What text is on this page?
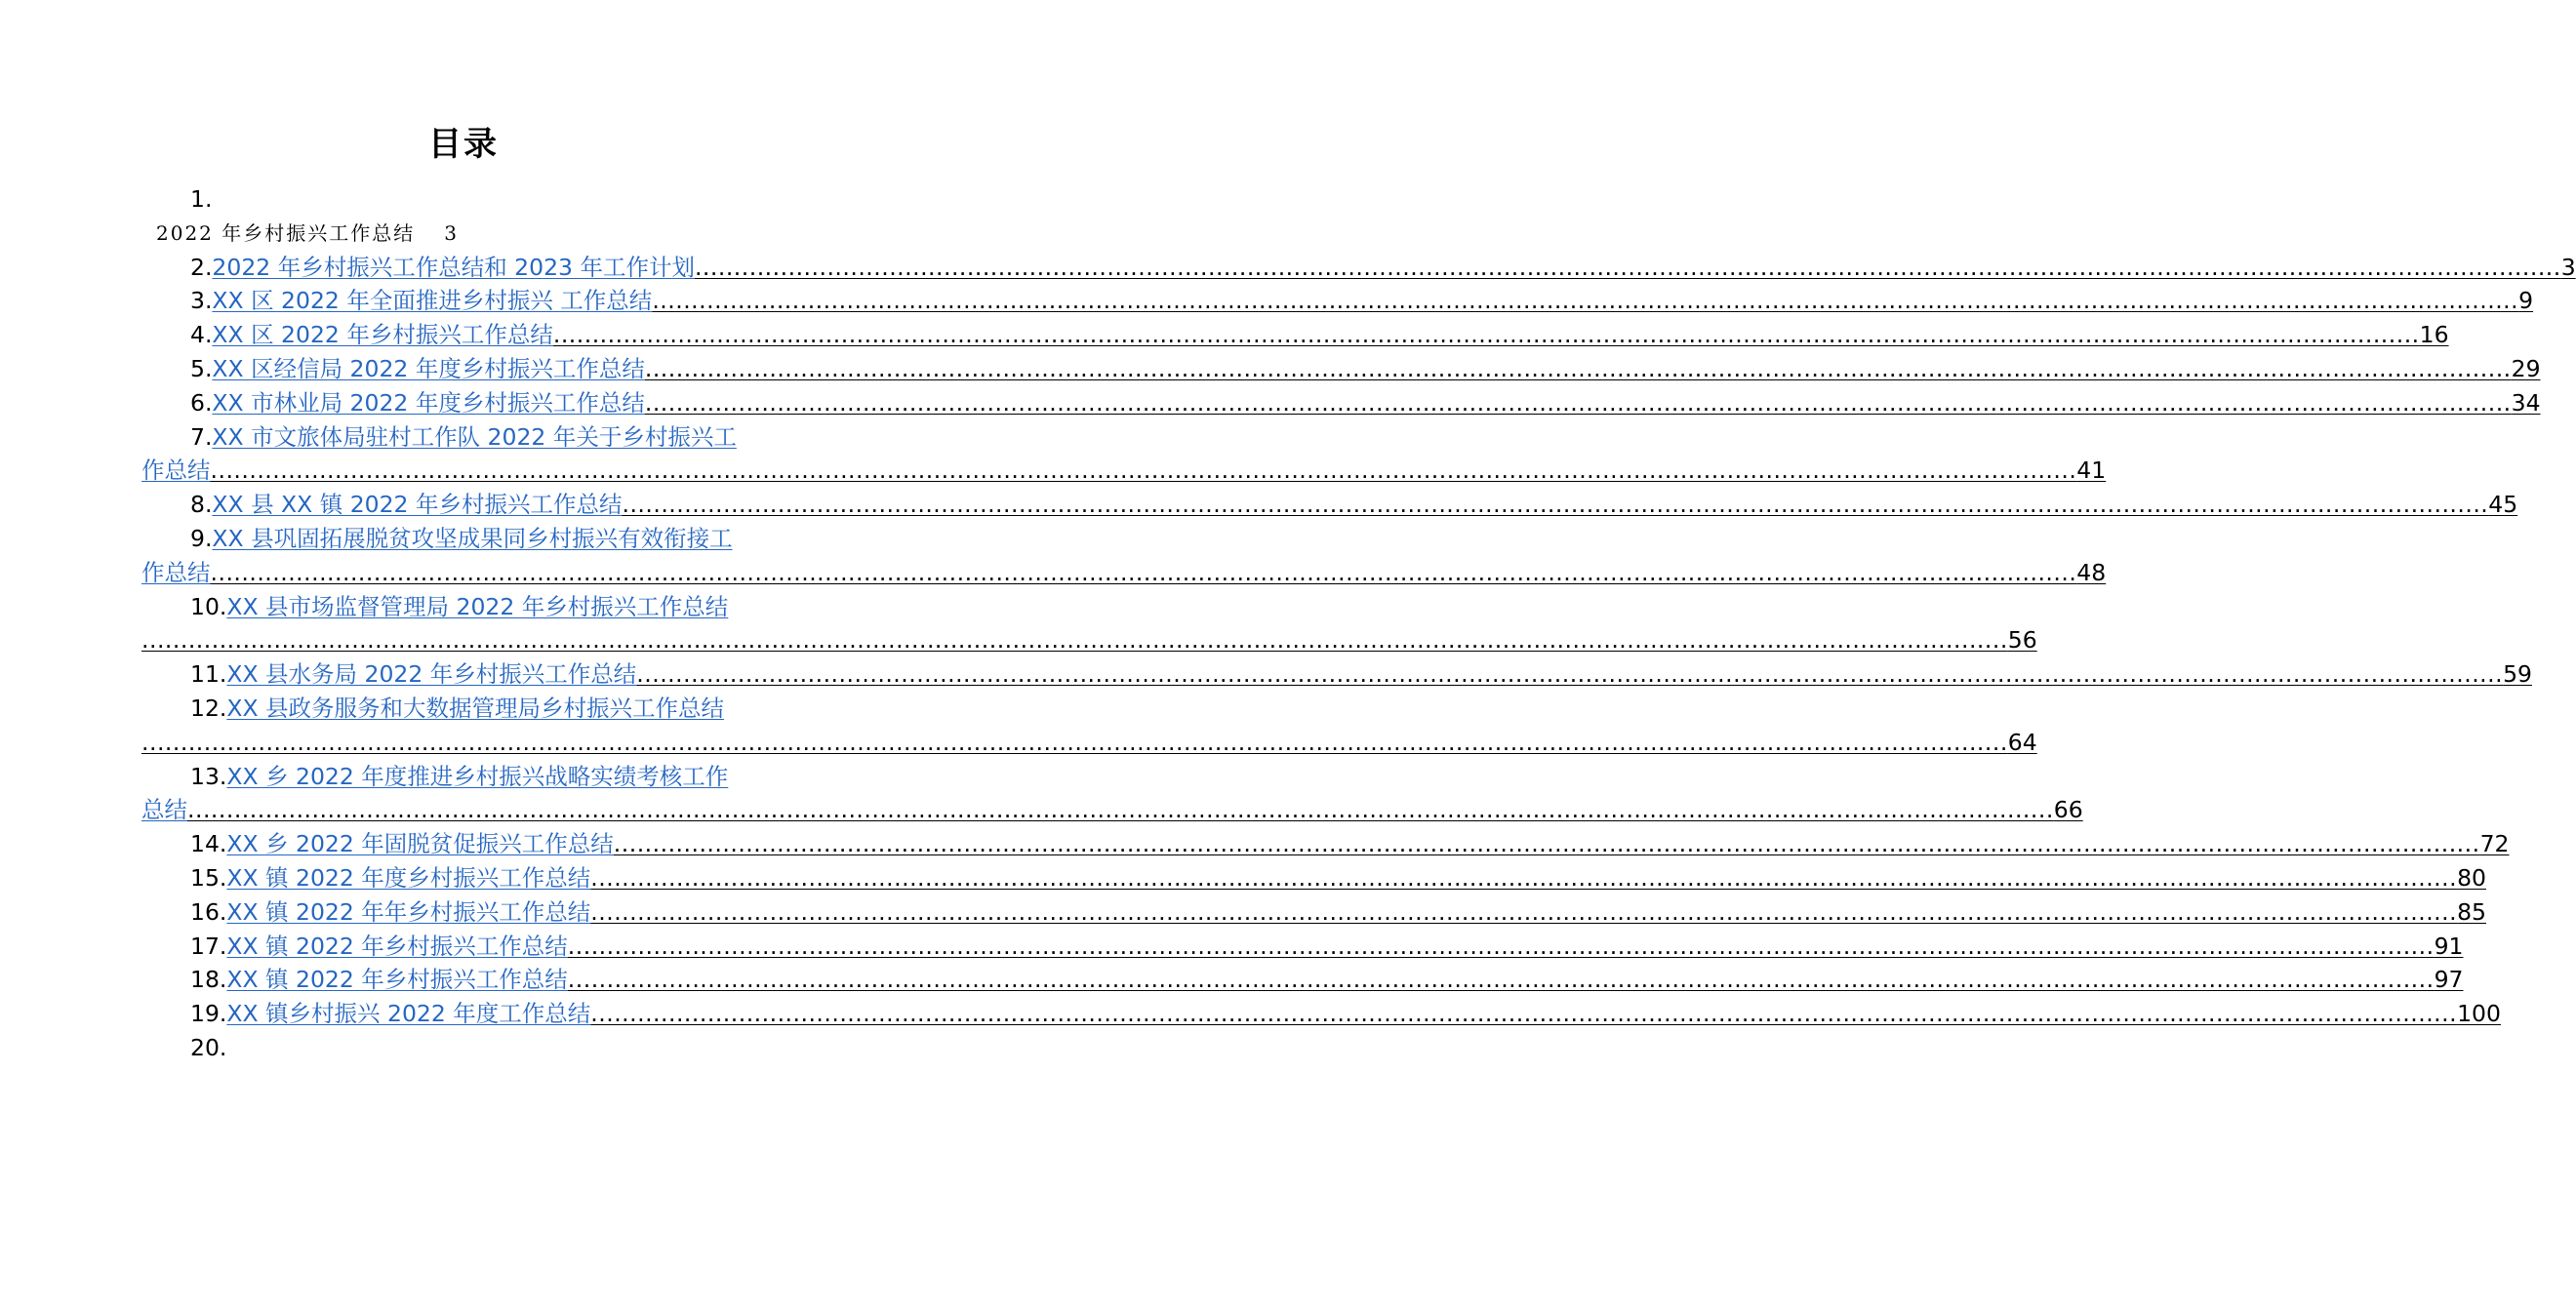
目录
1.
2022 年乡村振兴工作总结 3
2. 2022 年乡村振兴工作总结和 2023 年工作计划 ................................................................................................................................................................................................................................................ 3
3. XX 区 2022 年全面推进乡村振兴 工作总结 ................................................................................................................................................................................................................................................ 9
4. XX 区 2022 年乡村振兴工作总结 ................................................................................................................................................................................................................................................ 16
5. XX 区经信局 2022 年度乡村振兴工作总结 ................................................................................................................................................................................................................................................ 29
6. XX 市林业局 2022 年度乡村振兴工作总结 ................................................................................................................................................................................................................................................ 34
7.XX 市文旅体局驻村工作队 2022 年关于乡村振兴工
作总结 ................................................................................................................................................................................................................................................ 41
8. XX 县 XX 镇 2022 年乡村振兴工作总结 ................................................................................................................................................................................................................................................ 45
9.XX 县巩固拓展脱贫攻坚成果同乡村振兴有效衔接工
作总结 ................................................................................................................................................................................................................................................ 48
10.XX 县市场监督管理局 2022 年乡村振兴工作总结
................................................................................................................................................................................................................................................ 56
11. XX 县水务局 2022 年乡村振兴工作总结 ................................................................................................................................................................................................................................................ 59
12.XX 县政务服务和大数据管理局乡村振兴工作总结
................................................................................................................................................................................................................................................ 64
13.XX 乡 2022 年度推进乡村振兴战略实绩考核工作
总结 ................................................................................................................................................................................................................................................ 66
14. XX 乡 2022 年固脱贫促振兴工作总结 ................................................................................................................................................................................................................................................ 72
15. XX 镇 2022 年度乡村振兴工作总结 ................................................................................................................................................................................................................................................ 80
16. XX 镇 2022 年年乡村振兴工作总结 ................................................................................................................................................................................................................................................ 85
17. XX 镇 2022 年乡村振兴工作总结 ................................................................................................................................................................................................................................................ 91
18. XX 镇 2022 年乡村振兴工作总结 ................................................................................................................................................................................................................................................ 97
19. XX 镇乡村振兴 2022 年度工作总结 ................................................................................................................................................................................................................................................ 100
20.
